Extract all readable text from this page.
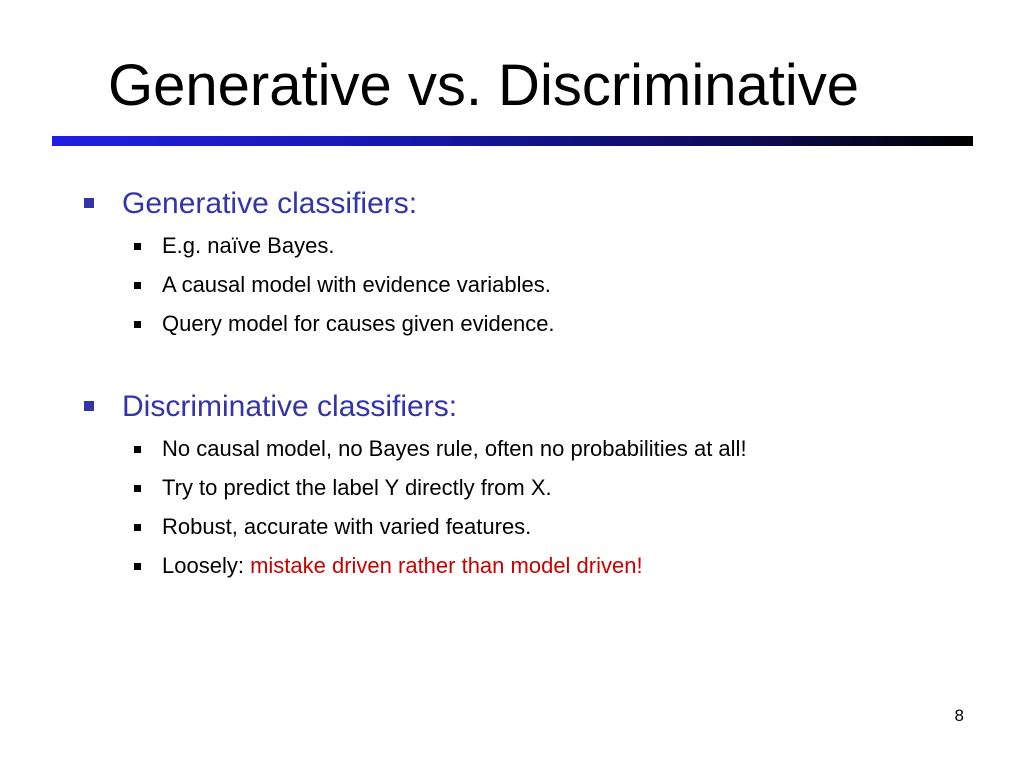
Generative vs. Discriminative
Generative classifiers:
E.g. naïve Bayes.
A causal model with evidence variables.
Query model for causes given evidence.
Discriminative classifiers:
No causal model, no Bayes rule, often no probabilities at all!
Try to predict the label Y directly from X.
Robust, accurate with varied features.
Loosely: mistake driven rather than model driven!
8
